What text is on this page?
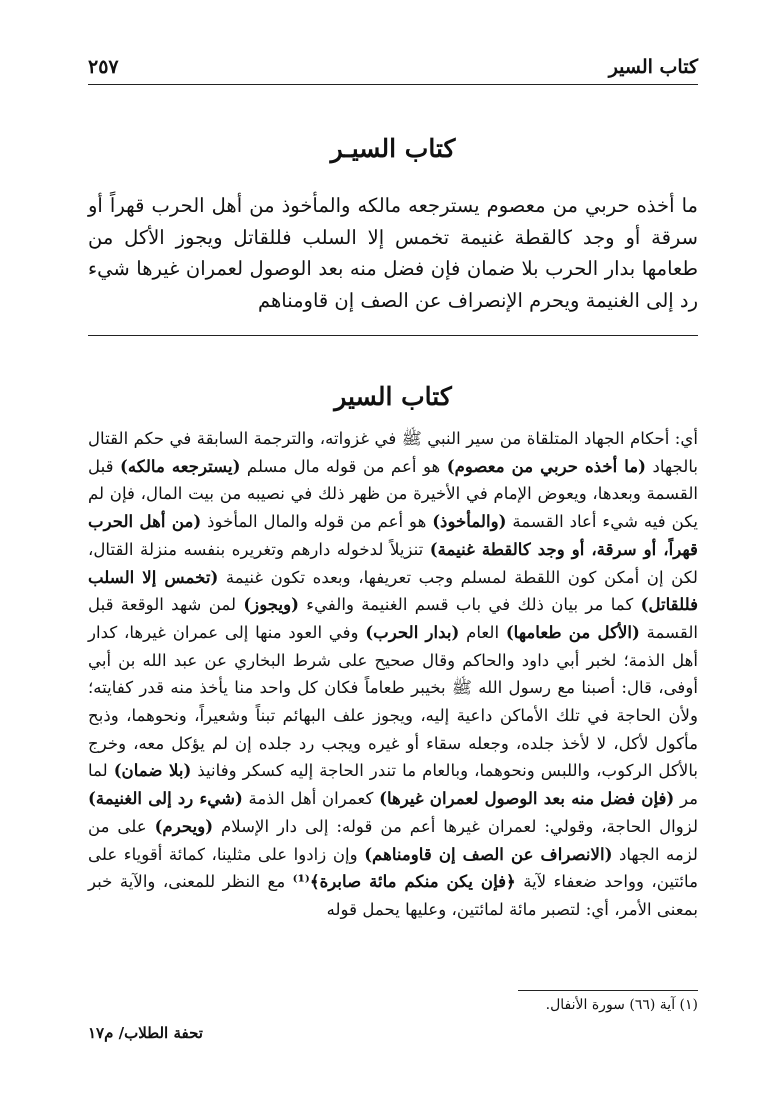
كتاب السير
٢٥٧
كتاب السيـر
ما أخذه حربي من معصوم يسترجعه مالكه والمأخوذ من أهل الحرب قهراً أو سرقة أو وجد كالقطة غنيمة تخمس إلا السلب فللقاتل ويجوز الأكل من طعامها بدار الحرب بلا ضمان فإن فضل منه بعد الوصول لعمران غيرها شيء رد إلى الغنيمة ويحرم الإنصراف عن الصف إن قاومناهم
كتاب السير

أي: أحكام الجهاد المتلقاة من سير النبي ﷺ في غزواته، والترجمة السابقة في حكم القتال بالجهاد (ما أخذه حربي من معصوم) هو أعم من قوله مال مسلم (يسترجعه مالكه) قبل القسمة وبعدها، ويعوض الإمام في الأخيرة من ظهر ذلك في نصيبه من بيت المال، فإن لم يكن فيه شيء أعاد القسمة (والمأخوذ) هو أعم من قوله والمال المأخوذ (من أهل الحرب قهراً، أو سرقة، أو وجد كالقطة غنيمة) تنزيلاً لدخوله دارهم وتغريره بنفسه منزلة القتال، لكن إن أمكن كون اللقطة لمسلم وجب تعريفها، وبعده تكون غنيمة (تخمس إلا السلب فللقاتل) كما مر بيان ذلك في باب قسم الغنيمة والفيء (ويجوز) لمن شهد الوقعة قبل القسمة (الأكل من طعامها) العام (بدار الحرب) وفي العود منها إلى عمران غيرها، كدار أهل الذمة؛ لخبر أبي داود والحاكم وقال صحيح على شرط البخاري عن عبد الله بن أبي أوفى، قال: أصبنا مع رسول الله ﷺ بخيبر طعاماً فكان كل واحد منا يأخذ منه قدر كفايته؛ ولأن الحاجة في تلك الأماكن داعية إليه، ويجوز علف البهائم تبناً وشعيراً، ونحوهما، وذبح مأكول لأكل، لا لأخذ جلده، وجعله سقاء أو غيره ويجب رد جلده إن لم يؤكل معه، وخرج بالأكل الركوب، واللبس ونحوهما، وبالعام ما تندر الحاجة إليه كسكر وفانيذ (بلا ضمان) لما مر (فإن فضل منه بعد الوصول لعمران غيرها) كعمران أهل الذمة (شيء رد إلى الغنيمة) لزوال الحاجة، وقولي: لعمران غيرها أعم من قوله: إلى دار الإسلام (ويحرم) على من لزمه الجهاد (الانصراف عن الصف إن قاومناهم) وإن زادوا على مثلينا، كمائة أقوياء على مائتين، وواحد ضعفاء لآية ﴿فإن يكن منكم مائة صابرة﴾⁽¹⁾ مع النظر للمعنى، والآية خبر بمعنى الأمر، أي: لتصبر مائة لمائتين، وعليها يحمل قوله

(١) آية (٦٦) سورة الأنفال.
تحفة الطلاب/ م١٧
